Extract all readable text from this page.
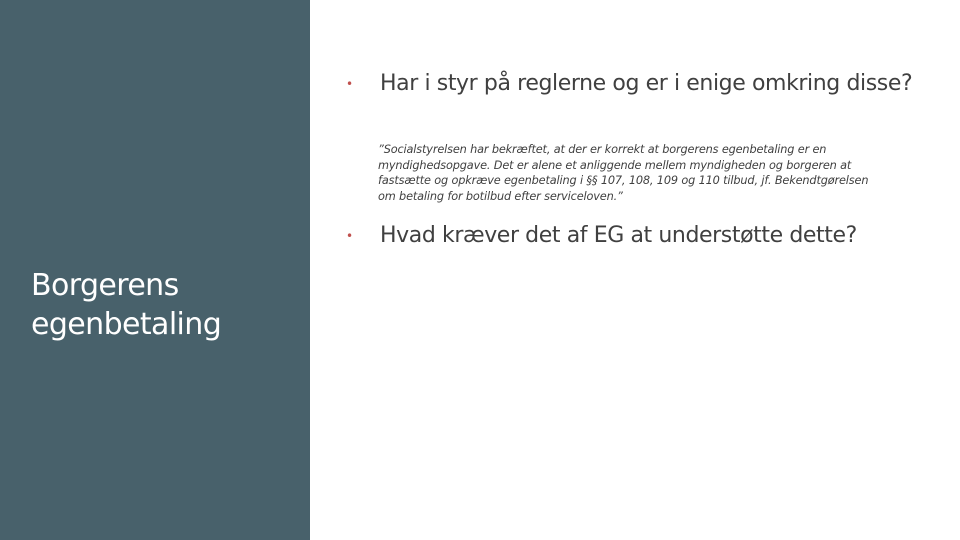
Borgerens egenbetaling
•	Har i styr på reglerne og er i enige omkring disse?

”Socialstyrelsen har bekræftet, at der er korrekt at borgerens egenbetaling er en myndighedsopgave. Det er alene et anliggende mellem myndigheden og borgeren at fastsætte og opkræve egenbetaling i §§ 107, 108, 109 og 110 tilbud, jf. Bekendtgørelsen om betaling for botilbud efter serviceloven.”

•	Hvad kræver det af EG at understøtte dette?
